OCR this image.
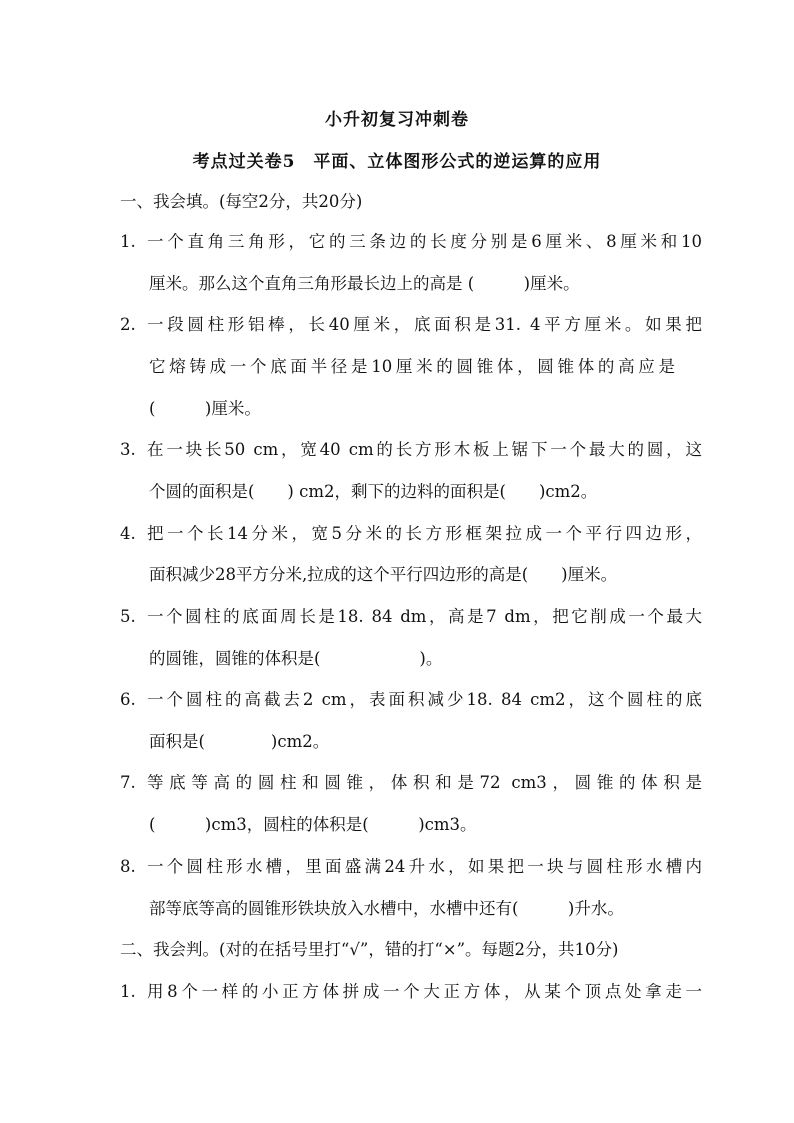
小升初复习冲刺卷
考点过关卷5　平面、立体图形公式的逆运算的应用
一、我会填。(每空2分，共20分)
1. 一个直角三角形，它的三条边的长度分别是6厘米、8厘米和10
厘米。那么这个直角三角形最长边上的高是 (　　　)厘米。
2. 一段圆柱形铝棒，长40厘米，底面积是31. 4平方厘米。如果把
它熔铸成一个底面半径是10厘米的圆锥体，圆锥体的高应是
(　　　)厘米。
3. 在一块长50 cm，宽40 cm的长方形木板上锯下一个最大的圆，这
个圆的面积是(　　) cm2，剩下的边料的面积是(　　)cm2。
4. 把一个长14分米，宽5分米的长方形框架拉成一个平行四边形，
面积减少28平方分米,拉成的这个平行四边形的高是(　　)厘米。
5. 一个圆柱的底面周长是18. 84 dm，高是7 dm，把它削成一个最大
的圆锥，圆锥的体积是(　　　　　　)。
6. 一个圆柱的高截去2 cm，表面积减少18. 84 cm2，这个圆柱的底
面积是(　　　　)cm2。
7. 等底等高的圆柱和圆锥，体积和是72 cm3，圆锥的体积是
(　　　)cm3，圆柱的体积是(　　　)cm3。
8. 一个圆柱形水槽，里面盛满24升水，如果把一块与圆柱形水槽内
部等底等高的圆锥形铁块放入水槽中，水槽中还有(　　　)升水。
二、我会判。(对的在括号里打“√”，错的打“×”。每题2分，共10分)
1. 用8个一样的小正方体拼成一个大正方体，从某个顶点处拿走一
